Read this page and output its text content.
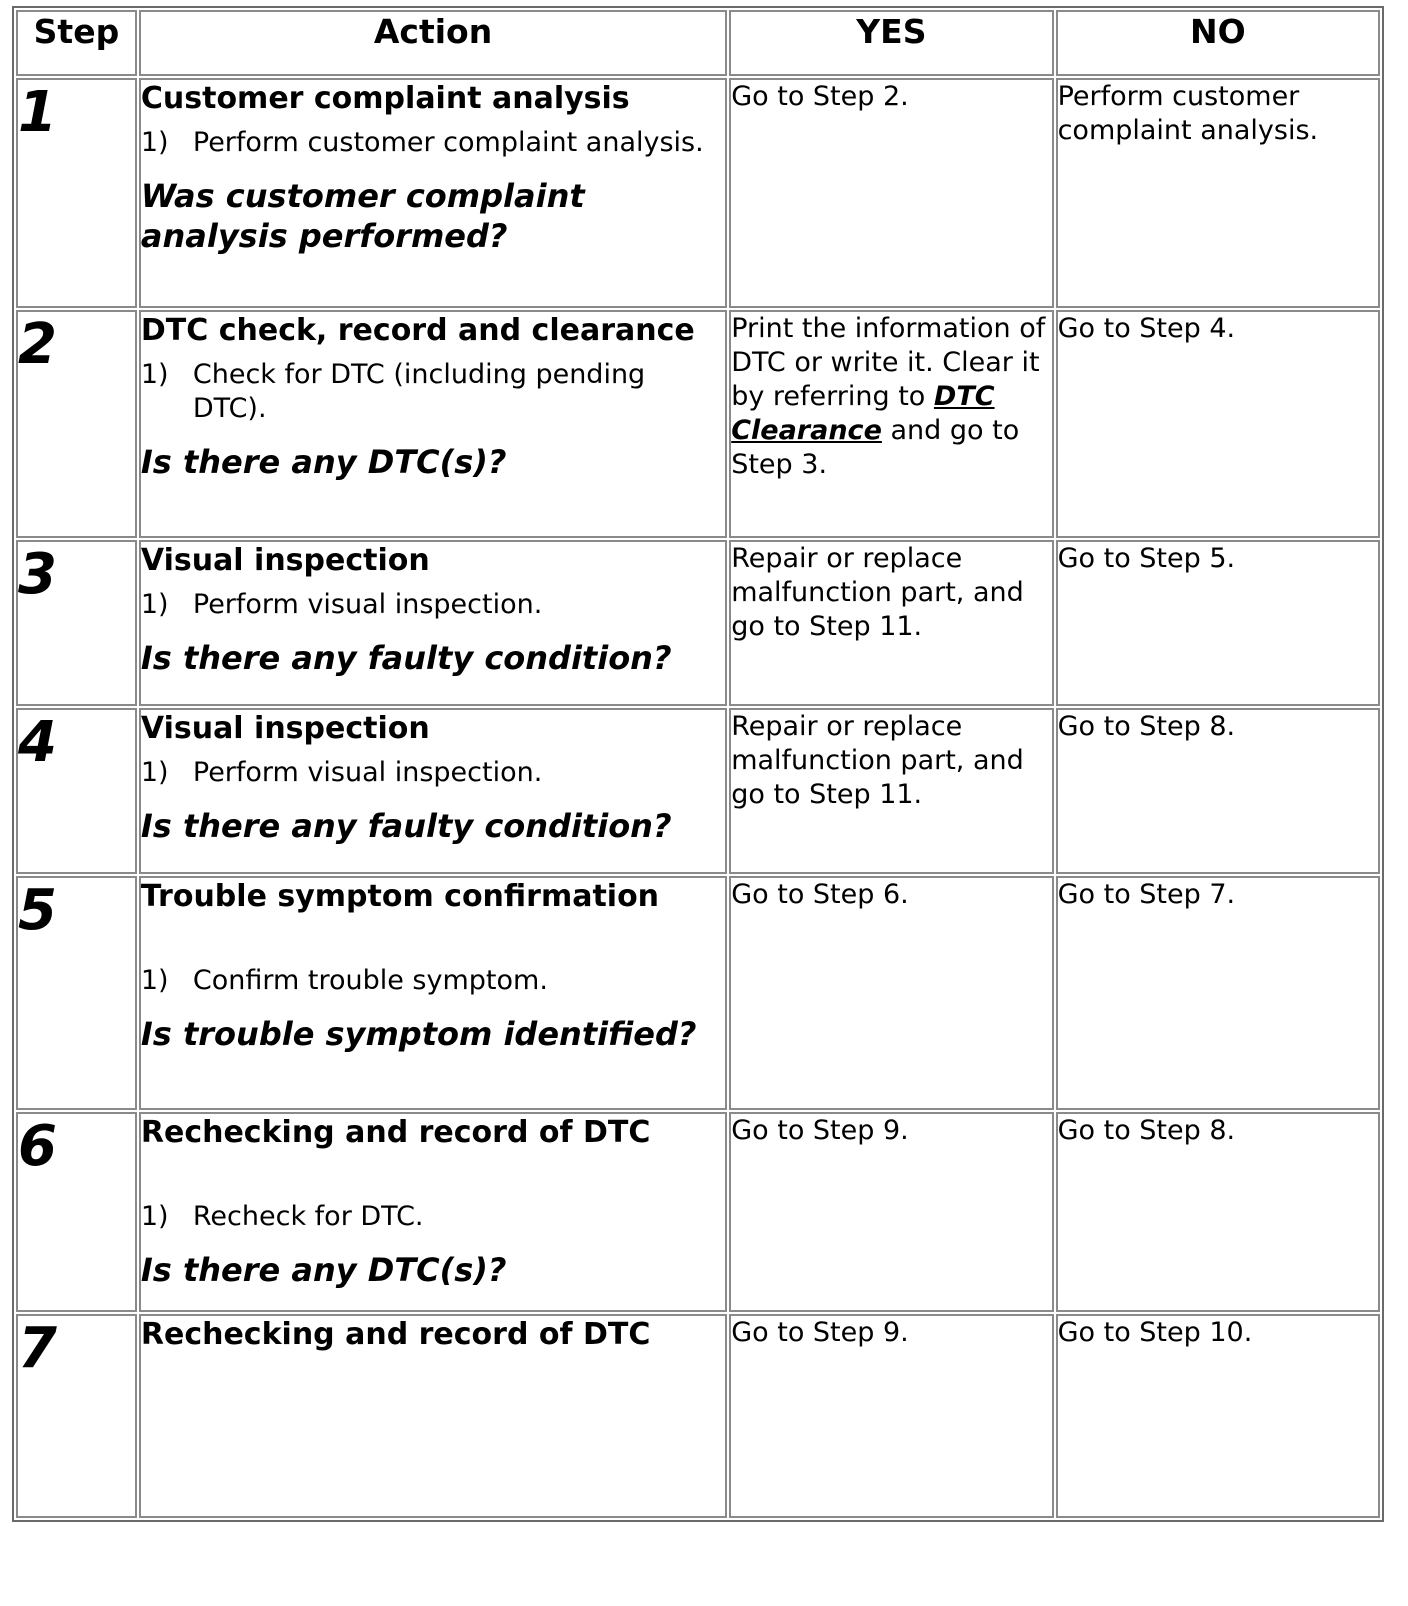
Step	Action	YES	NO
1	Customer complaint analysis
1) Perform customer complaint analysis.
Was customer complaint analysis performed?	Go to Step 2.	Perform customer complaint analysis.
2	DTC check, record and clearance
1) Check for DTC (including pending DTC).
Is there any DTC(s)?	Print the information of DTC or write it. Clear it by referring to DTC Clearance and go to Step 3.	Go to Step 4.
3	Visual inspection
1) Perform visual inspection.
Is there any faulty condition?	Repair or replace malfunction part, and go to Step 11.	Go to Step 5.
4	Visual inspection
1) Perform visual inspection.
Is there any faulty condition?	Repair or replace malfunction part, and go to Step 11.	Go to Step 8.
5	Trouble symptom confirmation
1) Confirm trouble symptom.
Is trouble symptom identified?	Go to Step 6.	Go to Step 7.
6	Rechecking and record of DTC
1) Recheck for DTC.
Is there any DTC(s)?	Go to Step 9.	Go to Step 8.
7	Rechecking and record of DTC	Go to Step 9.	Go to Step 10.
